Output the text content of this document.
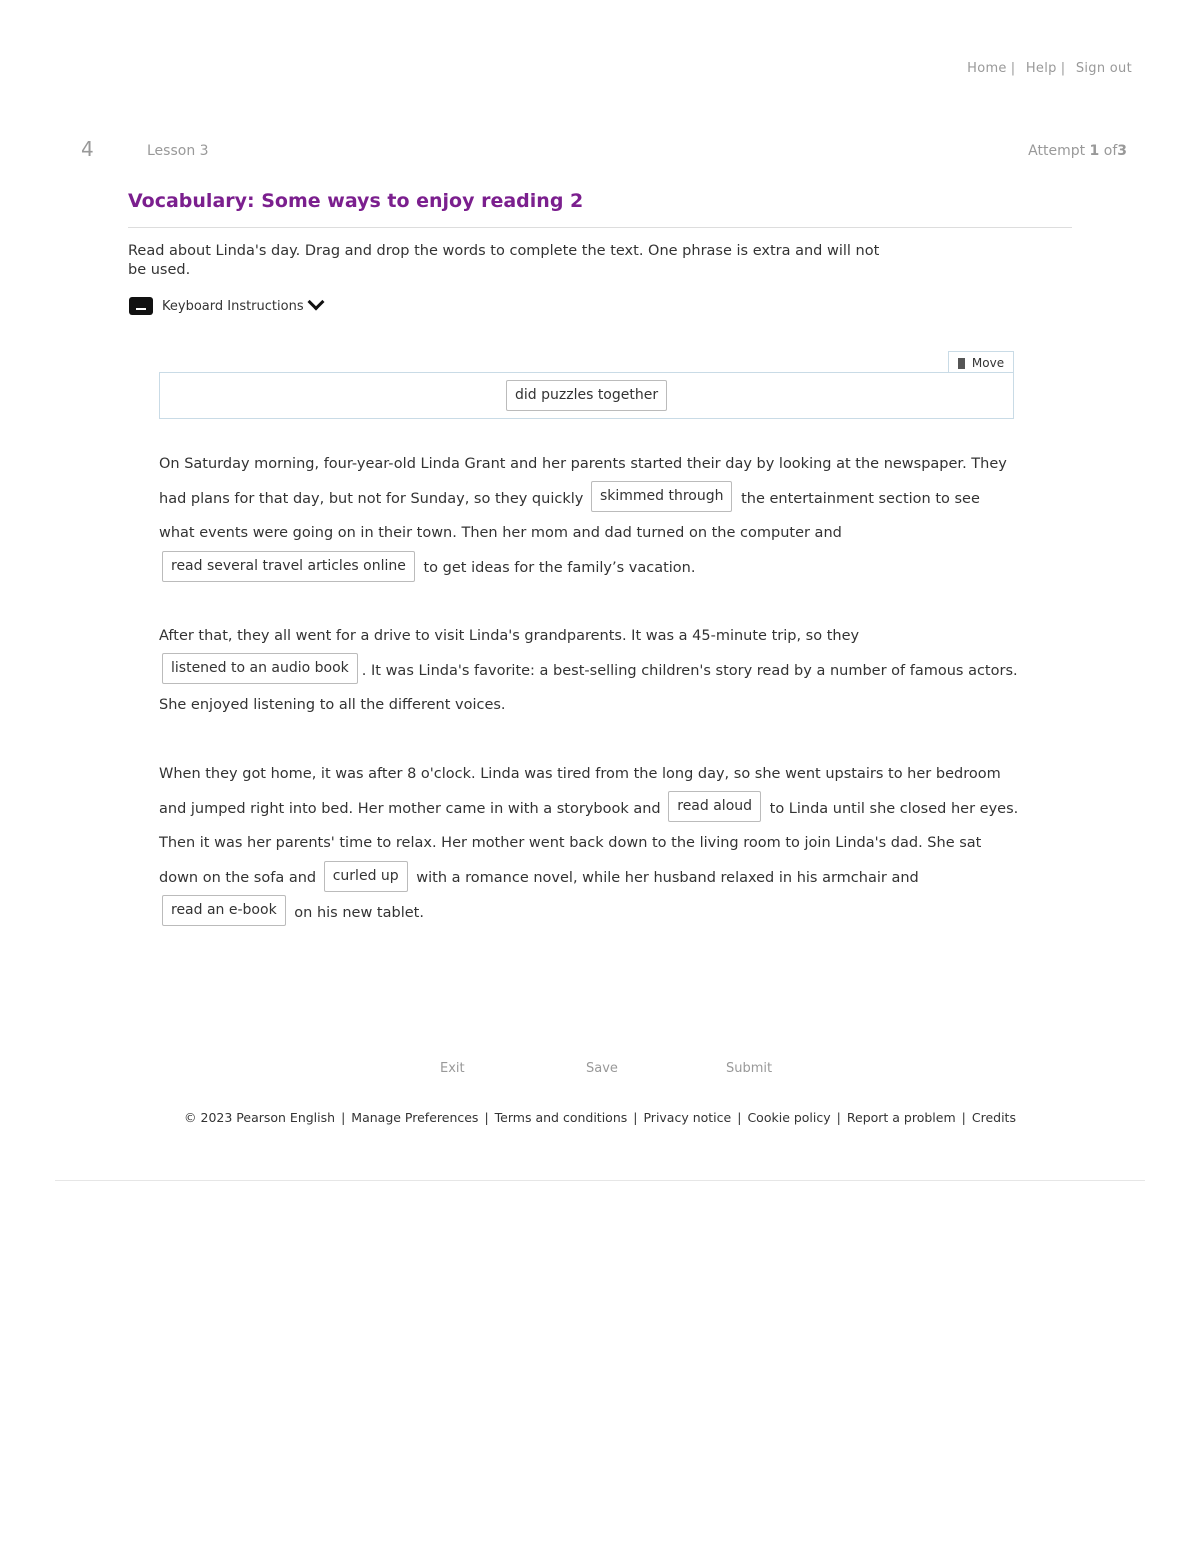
Home | Help | Sign out
4	Lesson 3	Attempt 1 of3
Vocabulary: Some ways to enjoy reading 2
Read about Linda's day. Drag and drop the words to complete the text. One phrase is extra and will not be used.
Keyboard Instructions
Move
did puzzles together
On Saturday morning, four-year-old Linda Grant and her parents started their day by looking at the newspaper. They had plans for that day, but not for Sunday, so they quickly skimmed through the entertainment section to see what events were going on in their town. Then her mom and dad turned on the computer and
read several travel articles online to get ideas for the family’s vacation.
After that, they all went for a drive to visit Linda's grandparents. It was a 45-minute trip, so they
listened to an audio book . It was Linda's favorite: a best-selling children's story read by a number of famous actors. She enjoyed listening to all the different voices.
When they got home, it was after 8 o'clock. Linda was tired from the long day, so she went upstairs to her bedroom and jumped right into bed. Her mother came in with a storybook and read aloud to Linda until she closed her eyes. Then it was her parents' time to relax. Her mother went back down to the living room to join Linda's dad. She sat down on the sofa and curled up with a romance novel, while her husband relaxed in his armchair and
read an e-book on his new tablet.
Exit	Save	Submit
© 2023 Pearson English | Manage Preferences | Terms and conditions | Privacy notice | Cookie policy | Report a problem | Credits
